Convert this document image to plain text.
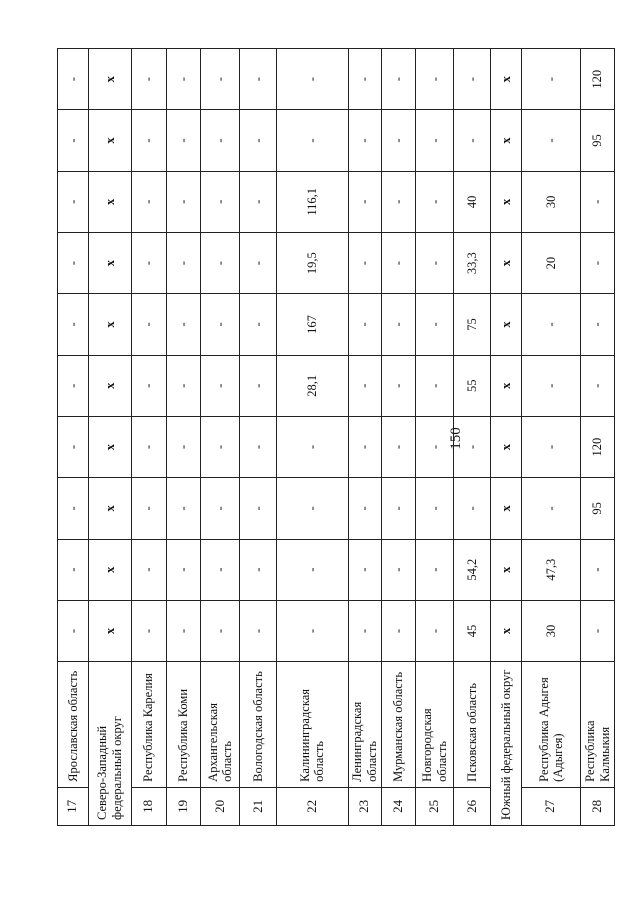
150
17	Ярославская область	-	-	-	-	-	-	-	-	-	-
Северо-Западный федеральный округ		х	х	х	х	х	х	х	х	х	х
18	Республика Карелия	-	-	-	-	-	-	-	-	-	-
19	Республика Коми	-	-	-	-	-	-	-	-	-	-
20	Архангельская область	-	-	-	-	-	-	-	-	-	-
21	Вологодская область	-	-	-	-	-	-	-	-	-	-
22	Калининградская область	-	-	-	-	28,1	167	19,5	116,1	-	-
23	Ленинградская область	-	-	-	-	-	-	-	-	-	-
24	Мурманская область	-	-	-	-	-	-	-	-	-	-
25	Новгородская область	-	-	-	-	-	-	-	-	-	-
26	Псковская область	45	54,2	-	-	55	75	33,3	40	-	-
Южный федеральный округ		х	х	х	х	х	х	х	х	х	х
27	Республика Адыгея (Адыгея)	30	47,3	-	-	-	-	20	30	-	-
28	Республика Калмыкия	-	-	95	120	-	-	-	-	95	120
